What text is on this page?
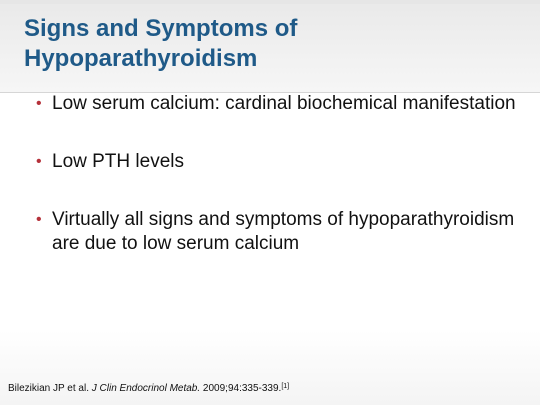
Signs and Symptoms of
Hypoparathyroidism
• Low serum calcium: cardinal biochemical manifestation
• Low PTH levels
• Virtually all signs and symptoms of hypoparathyroidism are due to low serum calcium
Bilezikian JP et al. J Clin Endocrinol Metab. 2009;94:335-339.[1]
